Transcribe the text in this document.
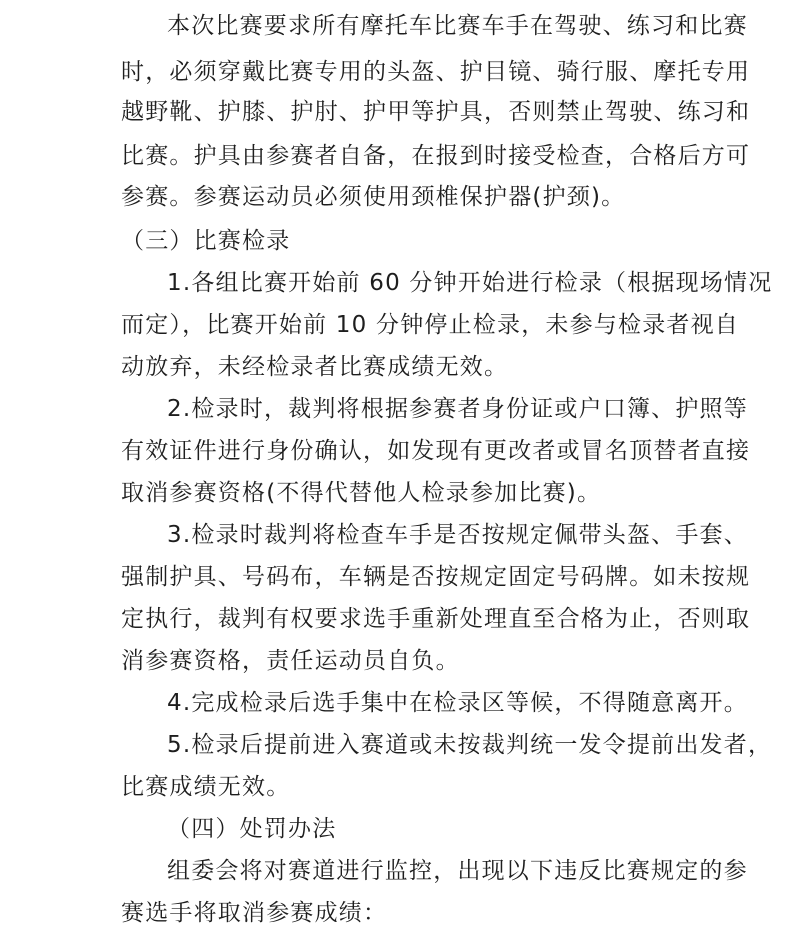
本次比赛要求所有摩托车比赛车手在驾驶、练习和比赛
时，必须穿戴比赛专用的头盔、护目镜、骑行服、摩托专用
越野靴、护膝、护肘、护甲等护具，否则禁止驾驶、练习和
比赛。护具由参赛者自备，在报到时接受检查，合格后方可
参赛。参赛运动员必须使用颈椎保护器(护颈)。
（三）比赛检录
1.各组比赛开始前 60 分钟开始进行检录（根据现场情况
而定），比赛开始前 10 分钟停止检录，未参与检录者视自
动放弃，未经检录者比赛成绩无效。
2.检录时，裁判将根据参赛者身份证或户口簿、护照等
有效证件进行身份确认，如发现有更改者或冒名顶替者直接
取消参赛资格(不得代替他人检录参加比赛)。
3.检录时裁判将检查车手是否按规定佩带头盔、手套、
强制护具、号码布，车辆是否按规定固定号码牌。如未按规
定执行，裁判有权要求选手重新处理直至合格为止，否则取
消参赛资格，责任运动员自负。
4.完成检录后选手集中在检录区等候，不得随意离开。
5.检录后提前进入赛道或未按裁判统一发令提前出发者，
比赛成绩无效。
（四）处罚办法
组委会将对赛道进行监控，出现以下违反比赛规定的参
赛选手将取消参赛成绩：
